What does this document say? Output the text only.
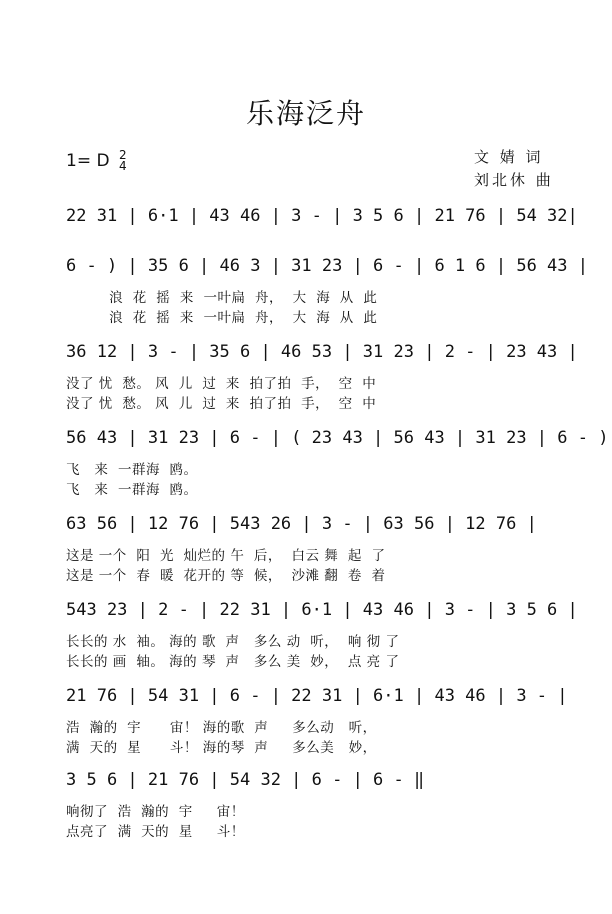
乐海泛舟
1= D 2
4	文 婧 词
刘北休 曲
22 31 | 6·1 | 43 46 | 3 - | 3 5 6 | 21 76 | 54 32|
6 - ) | 35 6 | 46 3 | 31 23 | 6 - | 6 1 6 | 56 43 |
浪  花  摇  来  一叶扁  舟，  大  海  从  此
浪  花  摇  来  一叶扁  舟，  大  海  从  此
36 12 | 3 - | 35 6 | 46 53 | 31 23 | 2 - | 23 43 |
没了 忧  愁。 风  儿  过  来  拍了拍  手，  空  中
没了 忧  愁。 风  儿  过  来  拍了拍  手，  空  中
56 43 | 31 23 | 6 - | ( 23 43 | 56 43 | 31 23 | 6 - )
飞   来  一群海  鸥。
飞   来  一群海  鸥。
63 56 | 12 76 | 543 26 | 3 - | 63 56 | 12 76 |
这是 一个  阳  光  灿烂的 午  后，  白云 舞  起  了
这是 一个  春  暖  花开的 等  候，  沙滩 翻  卷  着
543 23 | 2 - | 22 31 | 6·1 | 43 46 | 3 - | 3 5 6 |
长长的 水  袖。 海的 歌  声   多么 动  听，  响 彻 了
长长的 画  轴。 海的 琴  声   多么 美  妙，  点 亮 了
21 76 | 54 31 | 6 - | 22 31 | 6·1 | 43 46 | 3 - |
浩  瀚的  宇      宙！ 海的歌  声     多么动   听，
满  天的  星      斗！ 海的琴  声     多么美   妙，
3 5 6 | 21 76 | 54 32 | 6 - | 6 - ‖
响彻了  浩  瀚的  宇     宙！
点亮了  满  天的  星     斗！
